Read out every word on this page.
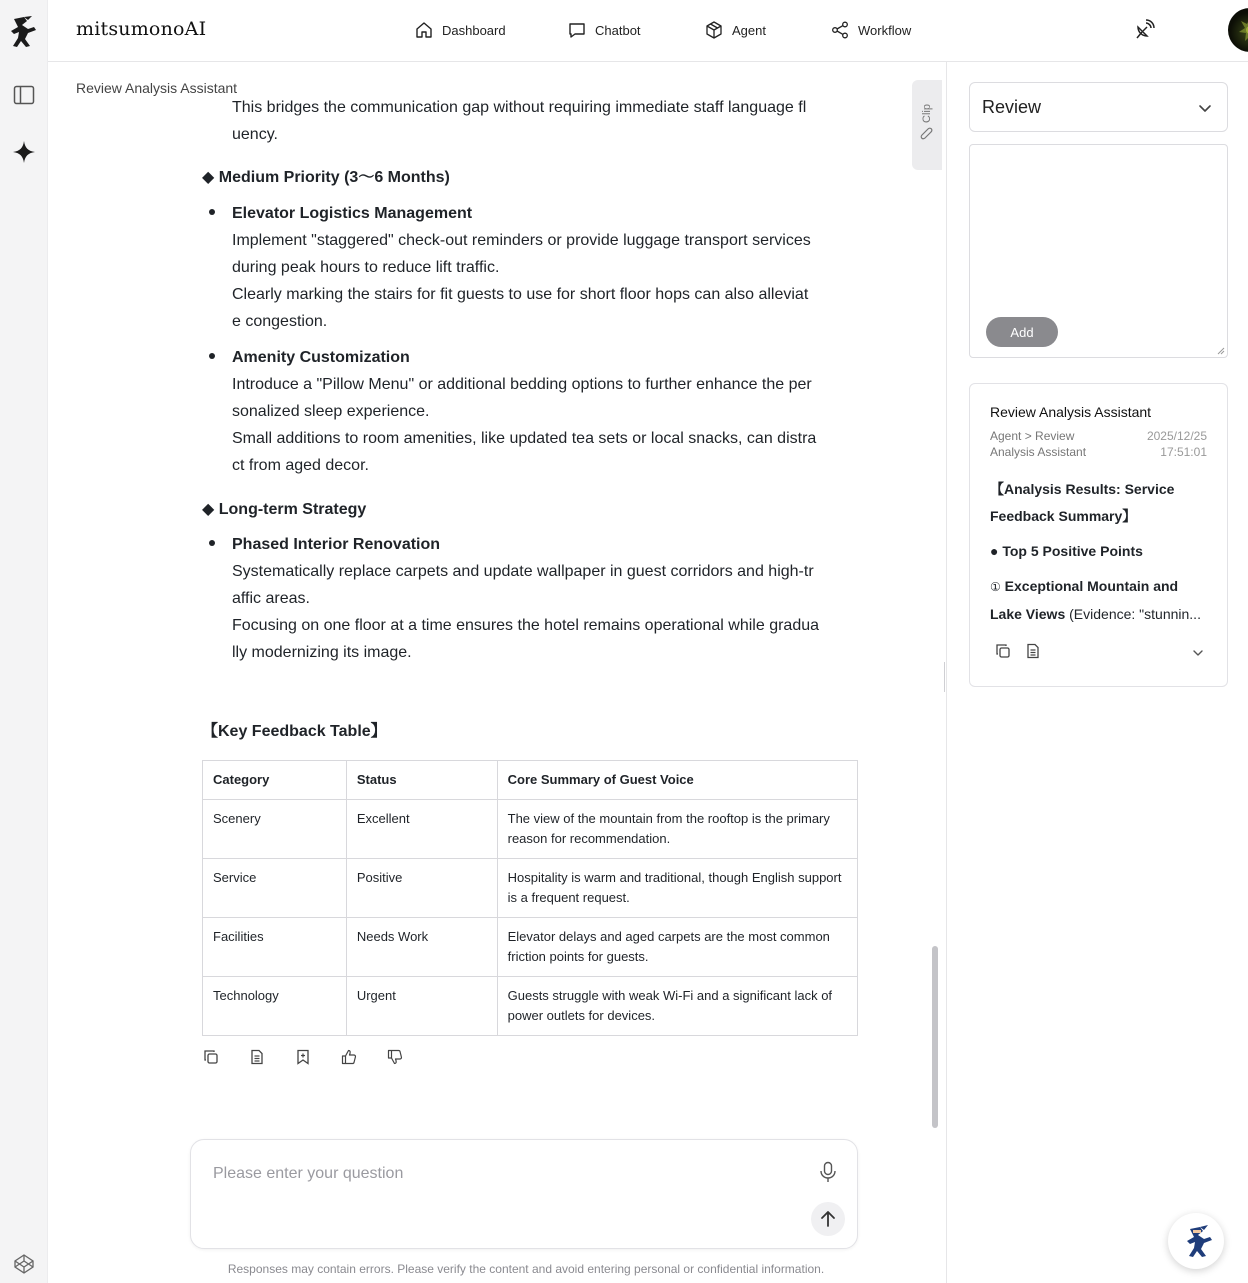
mitsumonoAI	Dashboard	Chatbot	Agent	Workflow
Review Analysis Assistant
This bridges the communication gap without requiring immediate staff language fl
uency.
◆ Medium Priority (3〜6 Months)
Elevator Logistics Management
Implement "staggered" check-out reminders or provide luggage transport services
during peak hours to reduce lift traffic.
Clearly marking the stairs for fit guests to use for short floor hops can also alleviat
e congestion.
Amenity Customization
Introduce a "Pillow Menu" or additional bedding options to further enhance the per
sonalized sleep experience.
Small additions to room amenities, like updated tea sets or local snacks, can distra
ct from aged decor.
◆ Long-term Strategy
Phased Interior Renovation
Systematically replace carpets and update wallpaper in guest corridors and high-tr
affic areas.
Focusing on one floor at a time ensures the hotel remains operational while gradua
lly modernizing its image.
【Key Feedback Table】
Category	Status	Core Summary of Guest Voice
Scenery	Excellent	The view of the mountain from the rooftop is the primary reason for recommendation.
Service	Positive	Hospitality is warm and traditional, though English support is a frequent request.
Facilities	Needs Work	Elevator delays and aged carpets are the most common friction points for guests.
Technology	Urgent	Guests struggle with weak Wi-Fi and a significant lack of power outlets for devices.
Clip
Please enter your question
Responses may contain errors. Please verify the content and avoid entering personal or confidential information.
Review
Add
Review Analysis Assistant
Agent > Review Analysis Assistant
2025/12/25
17:51:01
【Analysis Results: Service Feedback Summary】
● Top 5 Positive Points
① Exceptional Mountain and Lake Views (Evidence: "stunnin...
